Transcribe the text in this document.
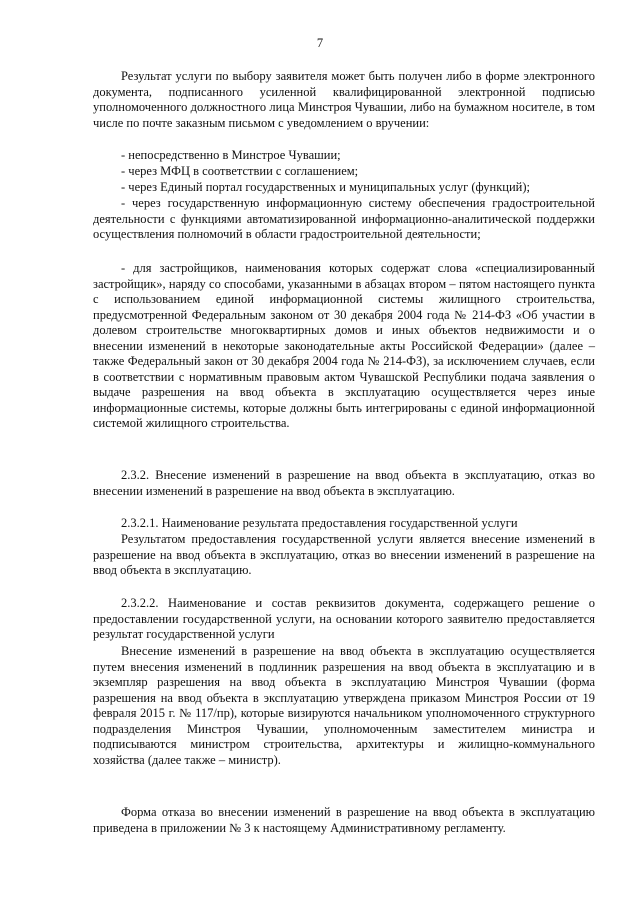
7

Результат услуги по выбору заявителя может быть получен либо в форме электронного документа, подписанного усиленной квалифицированной электронной подписью уполномоченного должностного лица Минстроя Чувашии, либо на бумажном носителе, в том числе по почте заказным письмом с уведомлением о вручении:

- непосредственно в Минстрое Чувашии;

- через МФЦ в соответствии с соглашением;

- через Единый портал государственных и муниципальных услуг (функций);

- через государственную информационную систему обеспечения градостроительной деятельности с функциями автоматизированной информационно-аналитической поддержки осуществления полномочий в области градостроительной деятельности;

- для застройщиков, наименования которых содержат слова «специализированный застройщик», наряду со способами, указанными в абзацах втором – пятом настоящего пункта с использованием единой информационной системы жилищного строительства, предусмотренной Федеральным законом от 30 декабря 2004 года № 214-ФЗ «Об участии в долевом строительстве многоквартирных домов и иных объектов недвижимости и о внесении изменений в некоторые законодательные акты Российской Федерации» (далее – также Федеральный закон от 30 декабря 2004 года № 214-ФЗ), за исключением случаев, если в соответствии с нормативным правовым актом Чувашской Республики подача заявления о выдаче разрешения на ввод объекта в эксплуатацию осуществляется через иные информационные системы, которые должны быть интегрированы с единой информационной системой жилищного строительства.

2.3.2. Внесение изменений в разрешение на ввод объекта в эксплуатацию, отказ во внесении изменений в разрешение на ввод объекта в эксплуатацию.

2.3.2.1. Наименование результата предоставления государственной услуги

Результатом предоставления государственной услуги является внесение изменений в разрешение на ввод объекта в эксплуатацию, отказ во внесении изменений в разрешение на ввод объекта в эксплуатацию.

2.3.2.2. Наименование и состав реквизитов документа, содержащего решение о предоставлении государственной услуги, на основании которого заявителю предоставляется результат государственной услуги

Внесение изменений в разрешение на ввод объекта в эксплуатацию осуществляется путем внесения изменений в подлинник разрешения на ввод объекта в эксплуатацию и в экземпляр разрешения на ввод объекта в эксплуатацию Минстроя Чувашии (форма разрешения на ввод объекта в эксплуатацию утверждена приказом Минстроя России от 19 февраля 2015 г. № 117/пр), которые визируются начальником уполномоченного структурного подразделения Минстроя Чувашии, уполномоченным заместителем министра и подписываются министром строительства, архитектуры и жилищно-коммунального хозяйства (далее также – министр).

Форма отказа во внесении изменений в разрешение на ввод объекта в эксплуатацию приведена в приложении № 3 к настоящему Административному регламенту.
